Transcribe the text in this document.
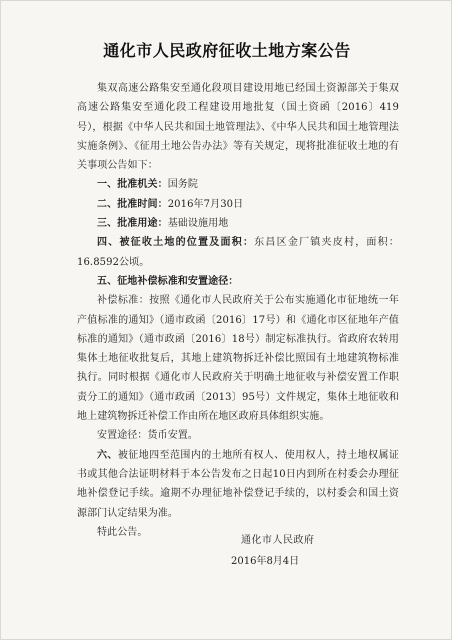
通化市人民政府征收土地方案公告

集双高速公路集安至通化段项目建设用地已经国土资源部关于集双高速公路集安至通化段工程建设用地批复（国土资函〔2016〕419号），根据《中华人民共和国土地管理法》、《中华人民共和国土地管理法实施条例》、《征用土地公告办法》等有关规定，现将批准征收土地的有关事项公告如下：

一、批准机关：国务院

二、批准时间：2016年7月30日

三、批准用途：基础设施用地

四、被征收土地的位置及面积：东昌区金厂镇夹皮村，面积：16.8592公顷。

五、征地补偿标准和安置途径：

补偿标准：按照《通化市人民政府关于公布实施通化市征地统一年产值标准的通知》（通市政函〔2016〕17号）和《通化市区征地年产值标准的通知》（通市政函〔2016〕18号）制定标准执行。省政府农转用集体土地征收批复后，其地上建筑物拆迁补偿比照国有土地建筑物标准执行。同时根据《通化市人民政府关于明确土地征收与补偿安置工作职责分工的通知》（通市政函〔2013〕95号）文件规定，集体土地征收和地上建筑物拆迁补偿工作由所在地区政府具体组织实施。

安置途径：货币安置。

六、被征地四至范围内的土地所有权人、使用权人，持土地权属证书或其他合法证明材料于本公告发布之日起10日内到所在村委会办理征地补偿登记手续。逾期不办理征地补偿登记手续的，以村委会和国土资源部门认定结果为准。

特此公告。

通化市人民政府
2016年8月4日
